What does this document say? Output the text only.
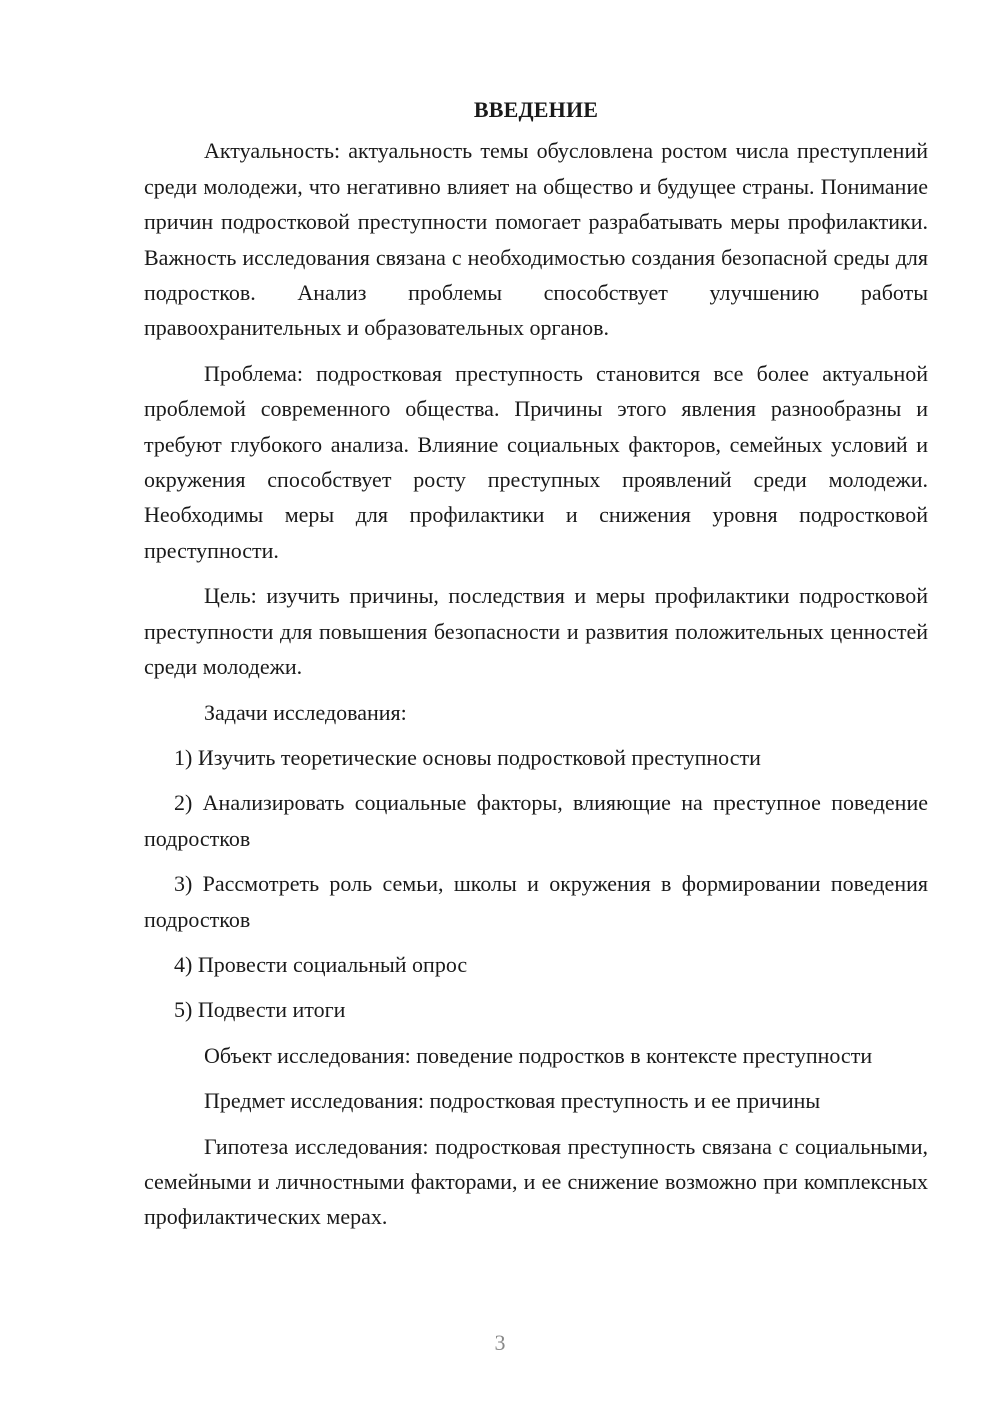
ВВЕДЕНИЕ

Актуальность: актуальность темы обусловлена ростом числа преступлений среди молодежи, что негативно влияет на общество и будущее страны. Понимание причин подростковой преступности помогает разрабатывать меры профилактики. Важность исследования связана с необходимостью создания безопасной среды для подростков. Анализ проблемы способствует улучшению работы правоохранительных и образовательных органов.

Проблема: подростковая преступность становится все более актуальной проблемой современного общества. Причины этого явления разнообразны и требуют глубокого анализа. Влияние социальных факторов, семейных условий и окружения способствует росту преступных проявлений среди молодежи. Необходимы меры для профилактики и снижения уровня подростковой преступности.

Цель: изучить причины, последствия и меры профилактики подростковой преступности для повышения безопасности и развития положительных ценностей среди молодежи.

Задачи исследования:

1) Изучить теоретические основы подростковой преступности

2) Анализировать социальные факторы, влияющие на преступное поведение подростков

3) Рассмотреть роль семьи, школы и окружения в формировании поведения подростков

4) Провести социальный опрос

5) Подвести итоги

Объект исследования: поведение подростков в контексте преступности

Предмет исследования: подростковая преступность и ее причины

Гипотеза исследования: подростковая преступность связана с социальными, семейными и личностными факторами, и ее снижение возможно при комплексных профилактических мерах.

3
